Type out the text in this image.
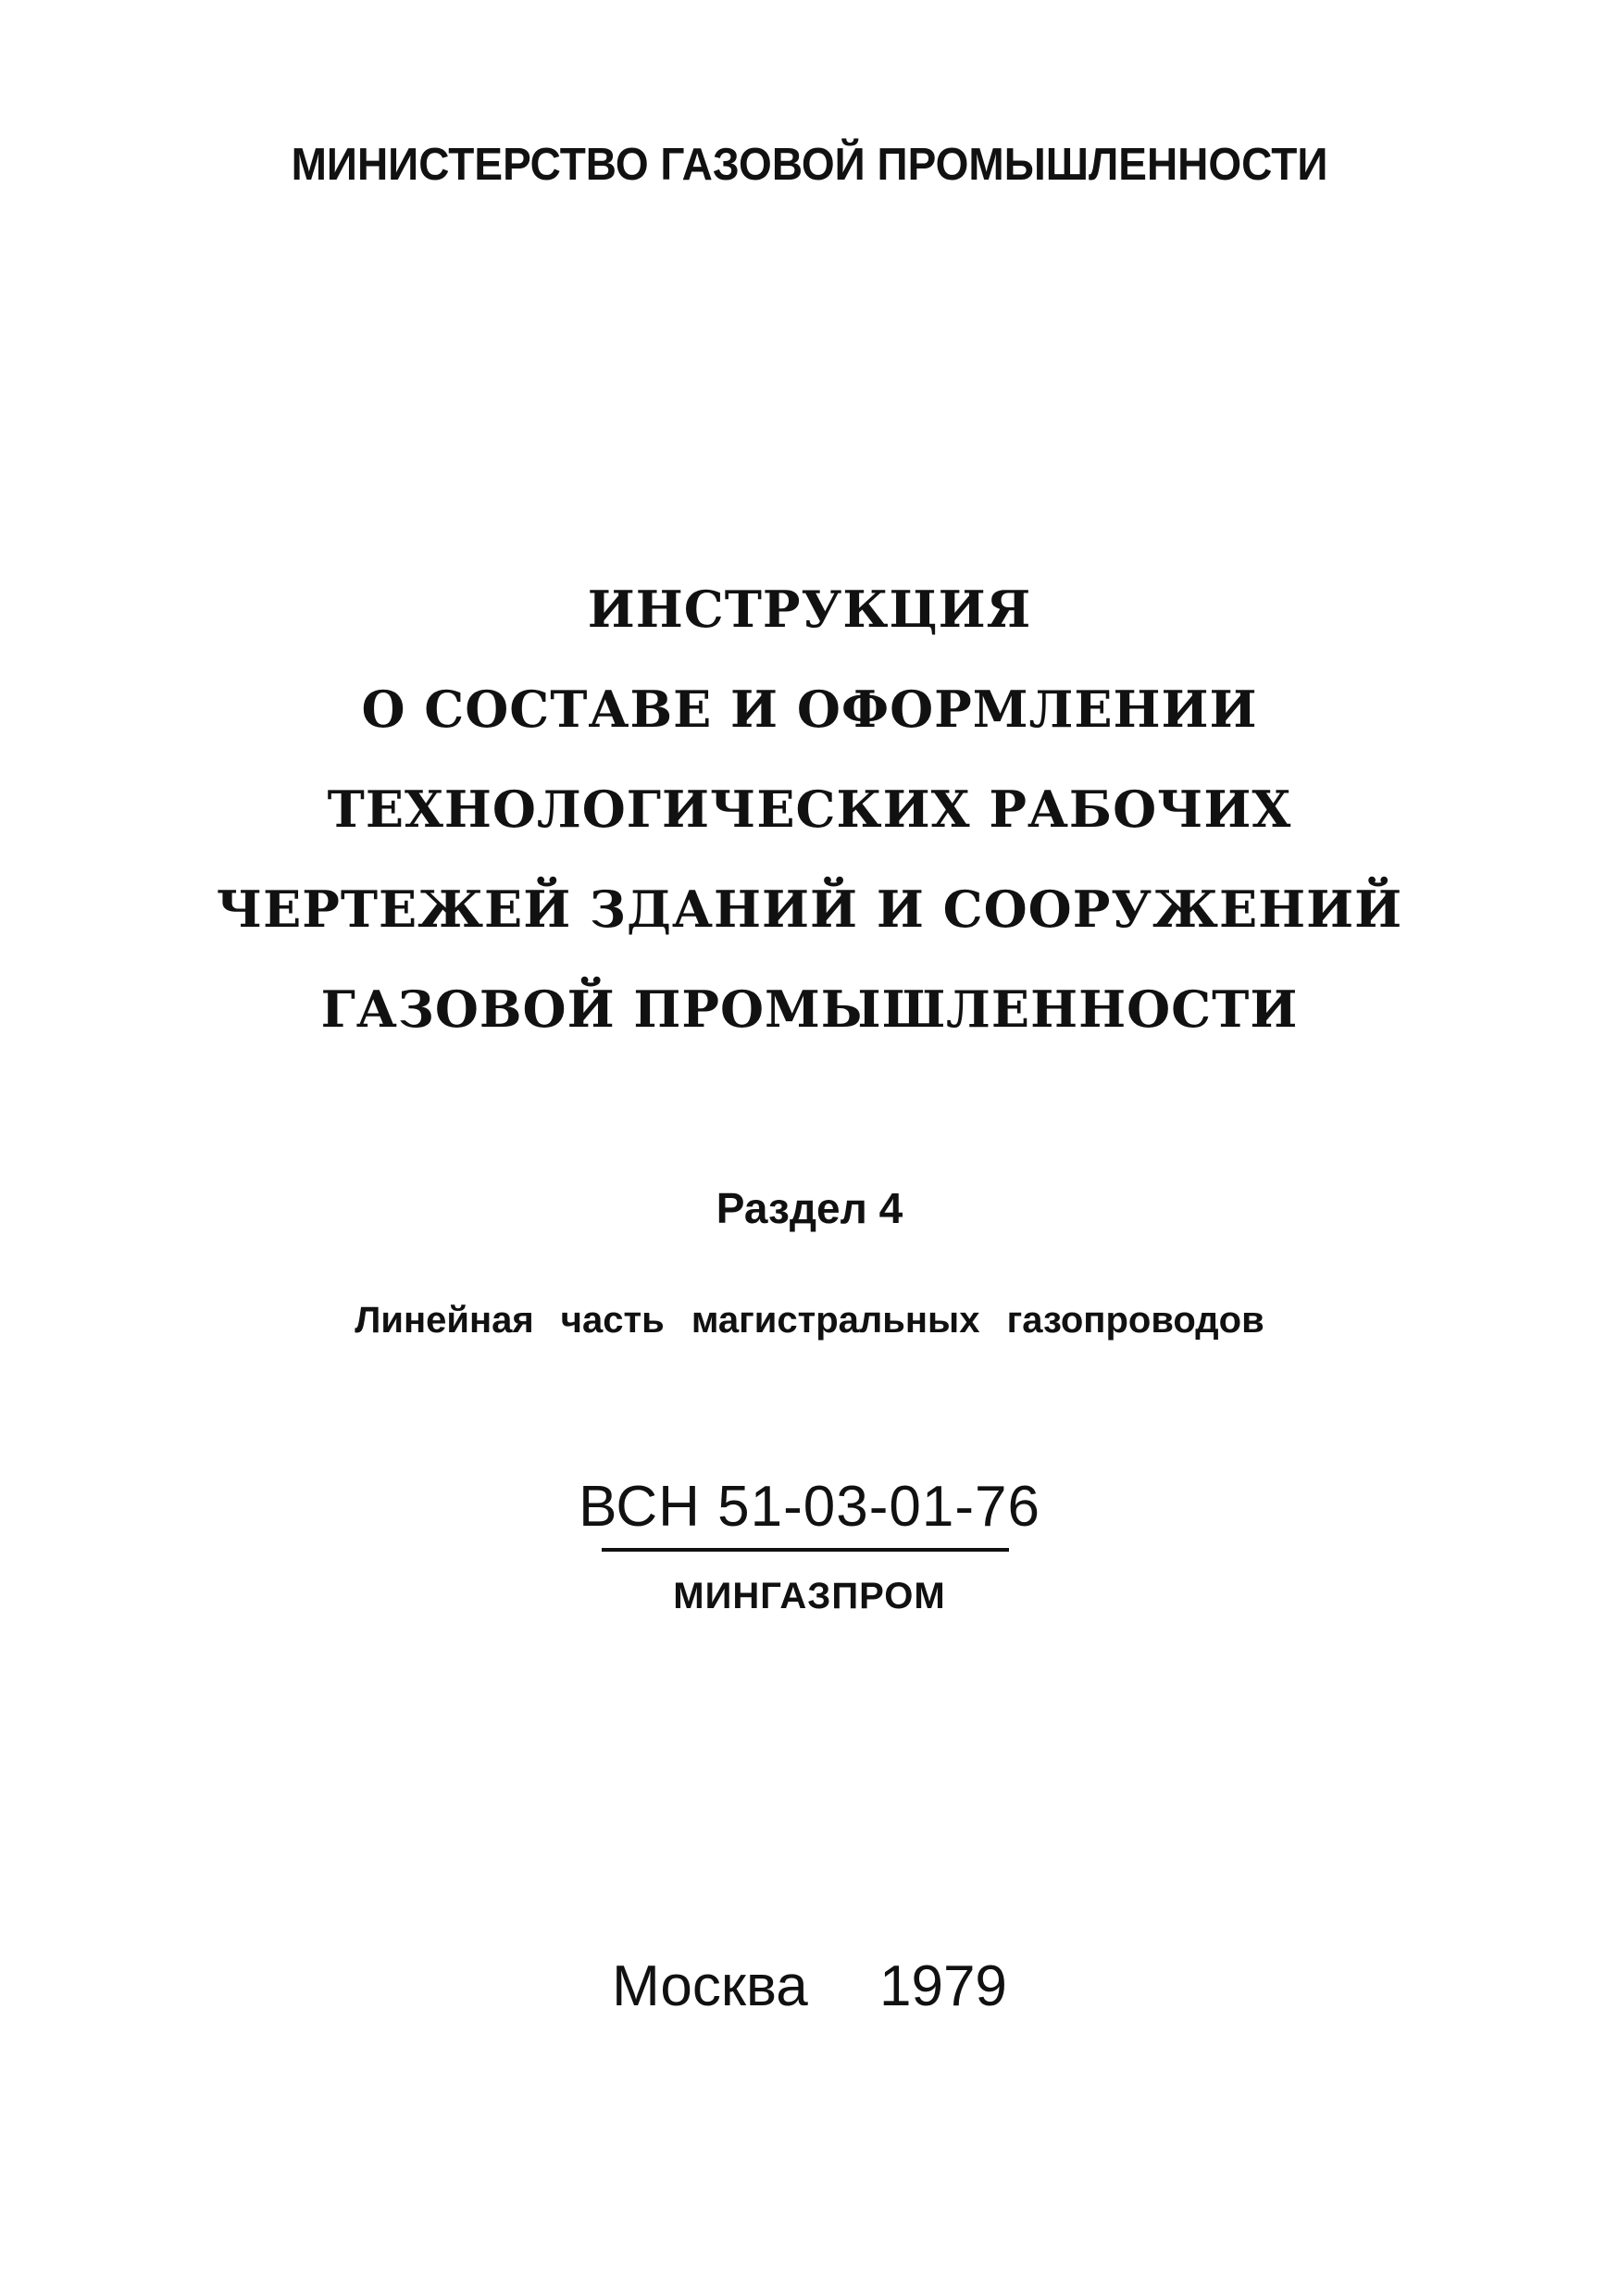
МИНИСТЕРСТВО ГАЗОВОЙ ПРОМЫШЛЕННОСТИ
ИНСТРУКЦИЯ
О СОСТАВЕ И ОФОРМЛЕНИИ
ТЕХНОЛОГИЧЕСКИХ РАБОЧИХ
ЧЕРТЕЖЕЙ ЗДАНИЙ И СООРУЖЕНИЙ
ГАЗОВОЙ ПРОМЫШЛЕННОСТИ
Раздел 4
Линейная часть магистральных газопроводов
ВСН 51-03-01-76
МИНГАЗПРОМ
Москва 1979
